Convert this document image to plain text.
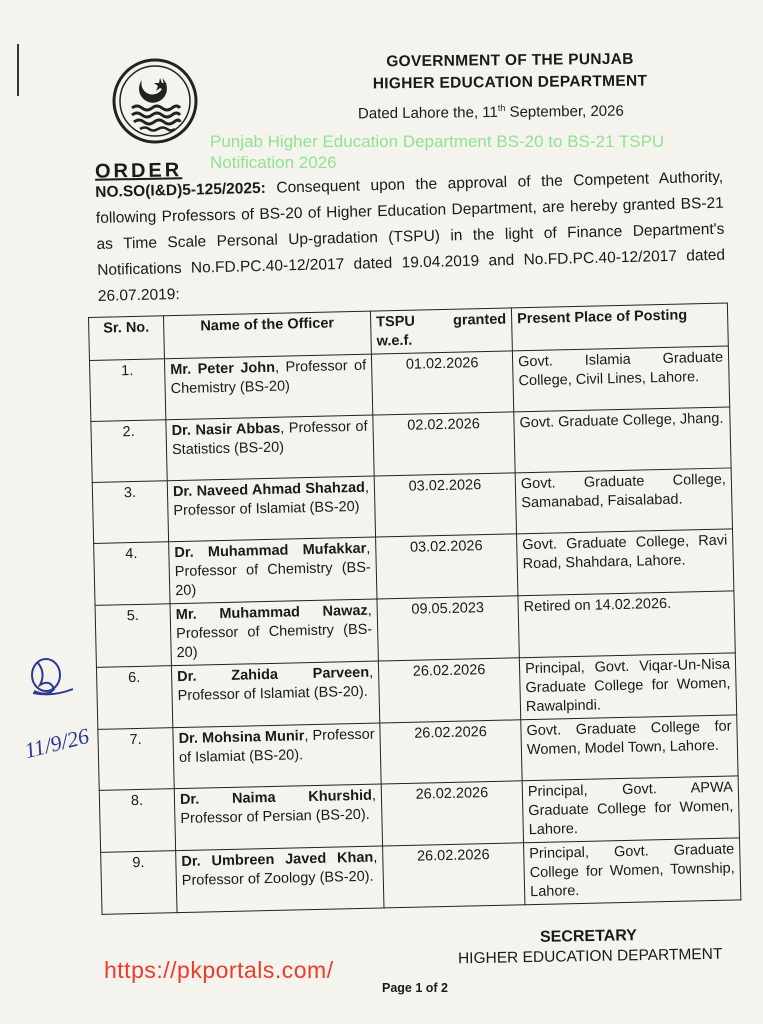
GOVERNMENT OF THE PUNJAB
HIGHER EDUCATION DEPARTMENT
Dated Lahore the, 11th September, 2026
Punjab Higher Education Department BS-20 to BS-21 TSPU Notification 2026
ORDER
NO.SO(I&D)5-125/2025: Consequent upon the approval of the Competent Authority, following Professors of BS-20 of Higher Education Department, are hereby granted BS-21 as Time Scale Personal Up-gradation (TSPU) in the light of Finance Department's Notifications No.FD.PC.40-12/2017 dated 19.04.2019 and No.FD.PC.40-12/2017 dated 26.07.2019:
Sr. No.	Name of the Officer	TSPU granted w.e.f.	Present Place of Posting
1.	Mr. Peter John, Professor of Chemistry (BS-20)	01.02.2026	Govt. Islamia Graduate College, Civil Lines, Lahore.
2.	Dr. Nasir Abbas, Professor of Statistics (BS-20)	02.02.2026	Govt. Graduate College, Jhang.
3.	Dr. Naveed Ahmad Shahzad, Professor of Islamiat (BS-20)	03.02.2026	Govt. Graduate College, Samanabad, Faisalabad.
4.	Dr. Muhammad Mufakkar, Professor of Chemistry (BS-20)	03.02.2026	Govt. Graduate College, Ravi Road, Shahdara, Lahore.
5.	Mr. Muhammad Nawaz, Professor of Chemistry (BS-20)	09.05.2023	Retired on 14.02.2026.
6.	Dr. Zahida Parveen, Professor of Islamiat (BS-20).	26.02.2026	Principal, Govt. Viqar-Un-Nisa Graduate College for Women, Rawalpindi.
7.	Dr. Mohsina Munir, Professor of Islamiat (BS-20).	26.02.2026	Govt. Graduate College for Women, Model Town, Lahore.
8.	Dr. Naima Khurshid, Professor of Persian (BS-20).	26.02.2026	Principal, Govt. APWA Graduate College for Women, Lahore.
9.	Dr. Umbreen Javed Khan, Professor of Zoology (BS-20).	26.02.2026	Principal, Govt. Graduate College for Women, Township, Lahore.
11/9/26
SECRETARY
HIGHER EDUCATION DEPARTMENT
https://pkportals.com/
Page 1 of 2
